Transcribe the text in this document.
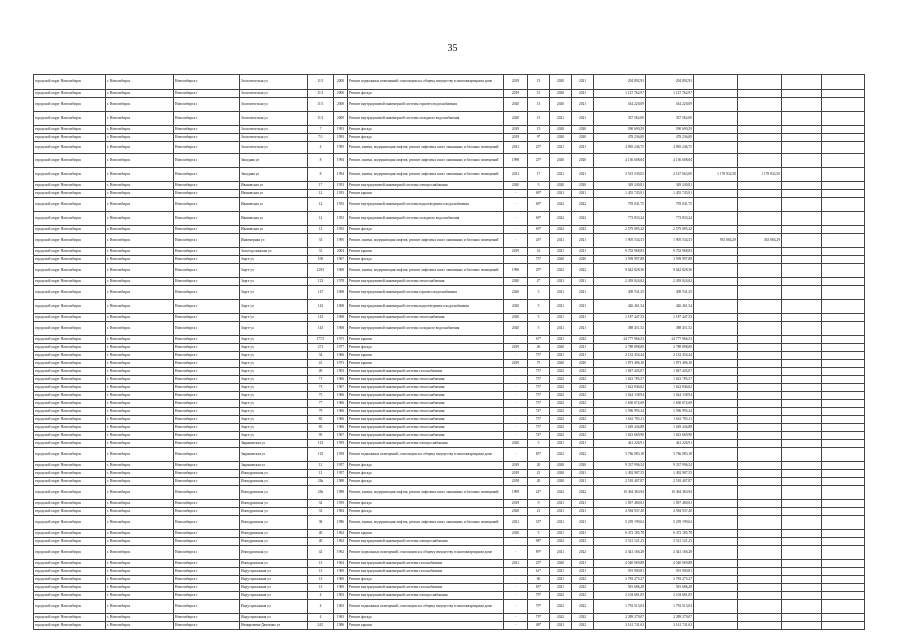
35
городской округ Новосибирск	г. Новосибирск	Новосибирск г	Зоологическая ул	11/1	2000	Ремонт подвальных помещений, относящихся к общему имуществу в многоквартирном доме	2019	15	2020	2021	204 892,93	204 892,93				
городской округ Новосибирск	г. Новосибирск	Новосибирск г	Зоологическая ул	11/1	2000	Ремонт фасада	2019	15	2020	2021	1 127 762,97	1 127 762,97				
городской округ Новосибирск	г. Новосибирск	Новосибирск г	Зоологическая ул	11/1	2000	Ремонт внутридомовой инженерной системы горячего водоснабжения	2020	15	2020	2021	544 220,09	544 220,09				
городской округ Новосибирск	г. Новосибирск	Новосибирск г	Зоологическая ул	11/1	2000	Ремонт внутридомовой инженерной системы холодного водоснабжения	2020	15	2021	2021	357 562,00	357 562,00				
городской округ Новосибирск	г. Новосибирск	Новосибирск г	Зоологическая ул	7	1993	Ремонт фасада	2019	15	2020	2020	590 690,59	590 690,59				
городской округ Новосибирск	г. Новосибирск	Новосибирск г	Зоологическая ул	7/1	1993	Ремонт фасада	2019	9*	2020	2020	478 236,00	478 236,00				
городской округ Новосибирск	г. Новосибирск	Новосибирск г	Зоологическая ул	4	1995	Ремонт, замена, модернизация лифтов, ремонт лифтовых шахт, машинных и блочных помещений	2021	25*	2021	2021	4 965 246,75	4 965 246,75				
городской округ Новосибирск	г. Новосибирск	Новосибирск г	Западная ул	8	1994	Ремонт, замена, модернизация лифтов, ремонт лифтовых шахт, машинных и блочных помещений	1998	25*	2020	2020	4 136 608,64	4 136 608,64				
городской округ Новосибирск	г. Новосибирск	Новосибирск г	Западная ул	8	1994	Ремонт, замена, модернизация лифтов, ремонт лифтовых шахт, машинных и блочных помещений	2021	17	2021	2021	3 515 530,02	2 147 663,00	1 178 832,50	1 178 832,50		
городской округ Новосибирск	г. Новосибирск	Новосибирск г	Ивановская ул	17	1953	Ремонт внутридомовой инженерной системы электроснабжения	2020	5	2020	2020	349 240,81	349 240,81				
городской округ Новосибирск	г. Новосибирск	Новосибирск г	Ивановская ул	12	1953	Ремонт крыши	-	69*	2021	2021	1 455 745,91	1 455 745,91				
городской округ Новосибирск	г. Новосибирск	Новосибирск г	Ивановская ул	12	1953	Ремонт внутридомовой инженерной системы водоотведения и водоснабжения	-	69*	2022	2022	793 041,75	793 041,75				
городской округ Новосибирск	г. Новосибирск	Новосибирск г	Ивановская ул	12	1953	Ремонт внутридомовой инженерной системы холодного водоснабжения	-	69*	2022	2022	773 833,24	773 833,24				
городской округ Новосибирск	г. Новосибирск	Новосибирск г	Ивановская ул	12	1953	Ремонт фасада	-	69*	2022	2022	2 579 085,22	2 579 085,22				
городской округ Новосибирск	г. Новосибирск	Новосибирск г	Инженерная ул	33	1995	Ремонт, замена, модернизация лифтов, ремонт лифтовых шахт, машинных и блочных помещений	-	26*	2021	2021	1 905 534,53	1 905 534,53	953 084,29	363 084,29		
городской округ Новосибирск	г. Новосибирск	Новосибирск г	Золотодолинская ул	31	2004	Ремонт крыши	2019	16	2021	2021	9 702 968,83	9 702 968,83				
городской округ Новосибирск	г. Новосибирск	Новосибирск г	Зорге ул	109	1967	Ремонт фасада	-	75*	2020	2020	3 599 997,88	3 599 997,88				
городской округ Новосибирск	г. Новосибирск	Новосибирск г	Зорге ул	129/1	1969	Ремонт, замена, модернизация лифтов, ремонт лифтовых шахт, машинных и блочных помещений	1996	29*	2022	2022	9 642 828,36	9 642 828,36				
городской округ Новосибирск	г. Новосибирск	Новосибирск г	Зорге ул	123	1978	Ремонт внутридомовой инженерной системы теплоснабжения	2020	2*	2021	2021	2 439 024,02	2 439 024,02				
городской округ Новосибирск	г. Новосибирск	Новосибирск г	Зорге ул	147	1968	Ремонт внутридомовой инженерной системы горячего водоснабжения	2020	3	2021	2021	309 531,35	309 531,35				
городской округ Новосибирск	г. Новосибирск	Новосибирск г	Зорге ул	143	1968	Ремонт внутридомовой инженерной системы водоотведения и водоснабжения	2020	5	2021	2021	426 461,54	426 461,54				
городской округ Новосибирск	г. Новосибирск	Новосибирск г	Зорге ул	143	1968	Ремонт внутридомовой инженерной системы теплоснабжения	2020	5	2021	2021	1 187 447,53	1 187 447,53				
городской округ Новосибирск	г. Новосибирск	Новосибирск г	Зорге ул	143	1968	Ремонт внутридомовой инженерной системы холодного водоснабжения	2020	5	2021	2021	388 451,52	388 451,52				
городской округ Новосибирск	г. Новосибирск	Новосибирск г	Зорге ул	177/1	1975	Ремонт крыши	-	67*	2021	2022	24 777 966,53	24 777 966,53				
городской округ Новосибирск	г. Новосибирск	Новосибирск г	Зорге ул	271	1977	Ремонт фасада	2019	26	2020	2021	2 788 898,00	2 788 898,00				
городской округ Новосибирск	г. Новосибирск	Новосибирск г	Зорге ул	34	1966	Ремонт крыши	-	75*	2021	2021	2 132 454,44	2 132 454,44				
городской округ Новосибирск	г. Новосибирск	Новосибирск г	Зорге ул	41	1973	Ремонт крыши	2019	75	2020	2020	1 873 496,10	1 873 496,10				
городской округ Новосибирск	г. Новосибирск	Новосибирск г	Зорге ул	49	1963	Ремонт внутридомовой инженерной системы газоснабжения	-	73*	2022	2022	1 847 445,07	1 847 445,07				
городской округ Новосибирск	г. Новосибирск	Новосибирск г	Зорге ул	71	1966	Ремонт внутридомовой инженерной системы теплоснабжения	-	75*	2022	2022	1 623 785,57	1 623 785,57				
городской округ Новосибирск	г. Новосибирск	Новосибирск г	Зорге ул	73	1967	Ремонт внутридомовой инженерной системы теплоснабжения	-	75*	2022	2022	1 622 846,62	1 622 846,62				
городской округ Новосибирск	г. Новосибирск	Новосибирск г	Зорге ул	75	1966	Ремонт внутридомовой инженерной системы теплоснабжения	-	75*	2022	2022	1 624 138,94	1 624 138,94				
городской округ Новосибирск	г. Новосибирск	Новосибирск г	Зорге ул	77	1966	Ремонт внутридомовой инженерной системы теплоснабжения	-	75*	2022	2022	1 630 672,68	1 630 672,68				
городской округ Новосибирск	г. Новосибирск	Новосибирск г	Зорге ул	79	1966	Ремонт внутридомовой инженерной системы теплоснабжения	-	74*	2022	2022	1 596 995,24	1 596 995,24				
городской округ Новосибирск	г. Новосибирск	Новосибирск г	Зорге ул	83	1966	Ремонт внутридомовой инженерной системы теплоснабжения	-	75*	2022	2022	1 641 785,11	1 641 785,11				
городской округ Новосибирск	г. Новосибирск	Новосибирск г	Зорге ул	85	1966	Ремонт внутридомовой инженерной системы теплоснабжения	-	75*	2022	2022	1 629 444,88	1 629 444,88				
городской округ Новосибирск	г. Новосибирск	Новосибирск г	Зорге ул	95	1967	Ремонт внутридомовой инженерной системы теплоснабжения	-	74*	2022	2022	1 623 669,90	1 623 669,90				
городской округ Новосибирск	г. Новосибирск	Новосибирск г	Зыряновская ул	123	1959	Ремонт внутридомовой инженерной системы электроснабжения	2020	5	2021	2021	441 226,91	441 226,91				
городской округ Новосибирск	г. Новосибирск	Новосибирск г	Зыряновская ул	125	1958	Ремонт подвальных помещений, относящихся к общему имуществу в многоквартирном доме	-	85*	2022	2022	3 766 083,18	3 766 083,18				
городской округ Новосибирск	г. Новосибирск	Новосибирск г	Зыряновская ул	12	1957	Ремонт фасада	2019	20	2020	2020	9 337 996,54	9 337 996,54				
городской округ Новосибирск	г. Новосибирск	Новосибирск г	Ипподромская ул	12	1957	Ремонт фасада	2019	21	2020	2021	1 492 987,55	1 492 987,55				
городской округ Новосибирск	г. Новосибирск	Новосибирск г	Ипподромская ул	28а	1988	Ремонт фасада	2018	20	2020	2021	2 518 407,87	2 518 407,87				
городской округ Новосибирск	г. Новосибирск	Новосибирск г	Ипподромская ул	28а	1988	Ремонт, замена, модернизация лифтов, ремонт лифтовых шахт, машинных и блочных помещений	1999	24*	2022	2022	10 464 363,94	10 464 363,94				
городской округ Новосибирск	г. Новосибирск	Новосибирск г	Ипподромская ул	32	1959	Ремонт фасада	2019	9	2021	2021	1 857 480,61	1 857 480,61				
городской округ Новосибирск	г. Новосибирск	Новосибирск г	Ипподромская ул	33	1984	Ремонт фасада	2020	21	2021	2021	4 584 937,20	4 584 937,20				
городской округ Новосибирск	г. Новосибирск	Новосибирск г	Ипподромская ул	38	1986	Ремонт, замена, модернизация лифтов, ремонт лифтовых шахт, машинных и блочных помещений	2021	33*	2021	2021	5 259 199,62	5 259 199,62				
городской округ Новосибирск	г. Новосибирск	Новосибирск г	Ипподромская ул	40	1962	Ремонт крыши	2020	5	2021	2021	6 472 185,78	6 472 185,78				
городской округ Новосибирск	г. Новосибирск	Новосибирск г	Ипподромская ул	40	1962	Ремонт внутридомовой инженерной системы электроснабжения	-	98*	2022	2022	3 521 121,23	3 521 121,23				
городской округ Новосибирск	г. Новосибирск	Новосибирск г	Ипподромская ул	42	1962	Ремонт подвальных помещений, относящихся к общему имуществу в многоквартирном доме	-	89*	2021	2022	2 441 166,28	2 441 166,28				
городской округ Новосибирск	г. Новосибирск	Новосибирск г	Ипподромская ул	13	1964	Ремонт внутридомовой инженерной системы газоснабжения	2021	25*	2020	2021	4 540 069,88	4 540 069,88				
городской округ Новосибирск	г. Новосибирск	Новосибирск г	Индустриальная ул	13	1960	Ремонт внутридомовой инженерной системы газоснабжения	-	61*	2021	2021	591 900,81	591 900,81				
городской округ Новосибирск	г. Новосибирск	Новосибирск г	Индустриальная ул	13	1960	Ремонт фасада	-	60	2021	2022	3 783 275,27	3 783 275,27				
городской округ Новосибирск	г. Новосибирск	Новосибирск г	Индустриальная ул	13	1960	Ремонт внутридомовой инженерной системы газоснабжения	-	83*	2021	2022	581 686,28	581 686,28				
городской округ Новосибирск	г. Новосибирск	Новосибирск г	Индустриальная ул	4	1963	Ремонт внутридомовой инженерной системы электроснабжения	-	79*	2022	2022	2 104 681,05	2 104 681,05				
городской округ Новосибирск	г. Новосибирск	Новосибирск г	Индустриальная ул	4	1963	Ремонт подвальных помещений, относящихся к общему имуществу в многоквартирном доме	-	79*	2022	2022	1 792 513,04	1 792 513,04				
городской округ Новосибирск	г. Новосибирск	Новосибирск г	Индустриальная ул	4	1963	Ремонт фасада	-	79*	2022	2022	2 289 279,07	2 289 279,07				
городской округ Новосибирск	г. Новосибирск	Новосибирск г	Немировича-Данченко ул	24/1	1986	Ремонт крыши	-	48*	2021	2022	3 141 741,63	3 141 741,63				
